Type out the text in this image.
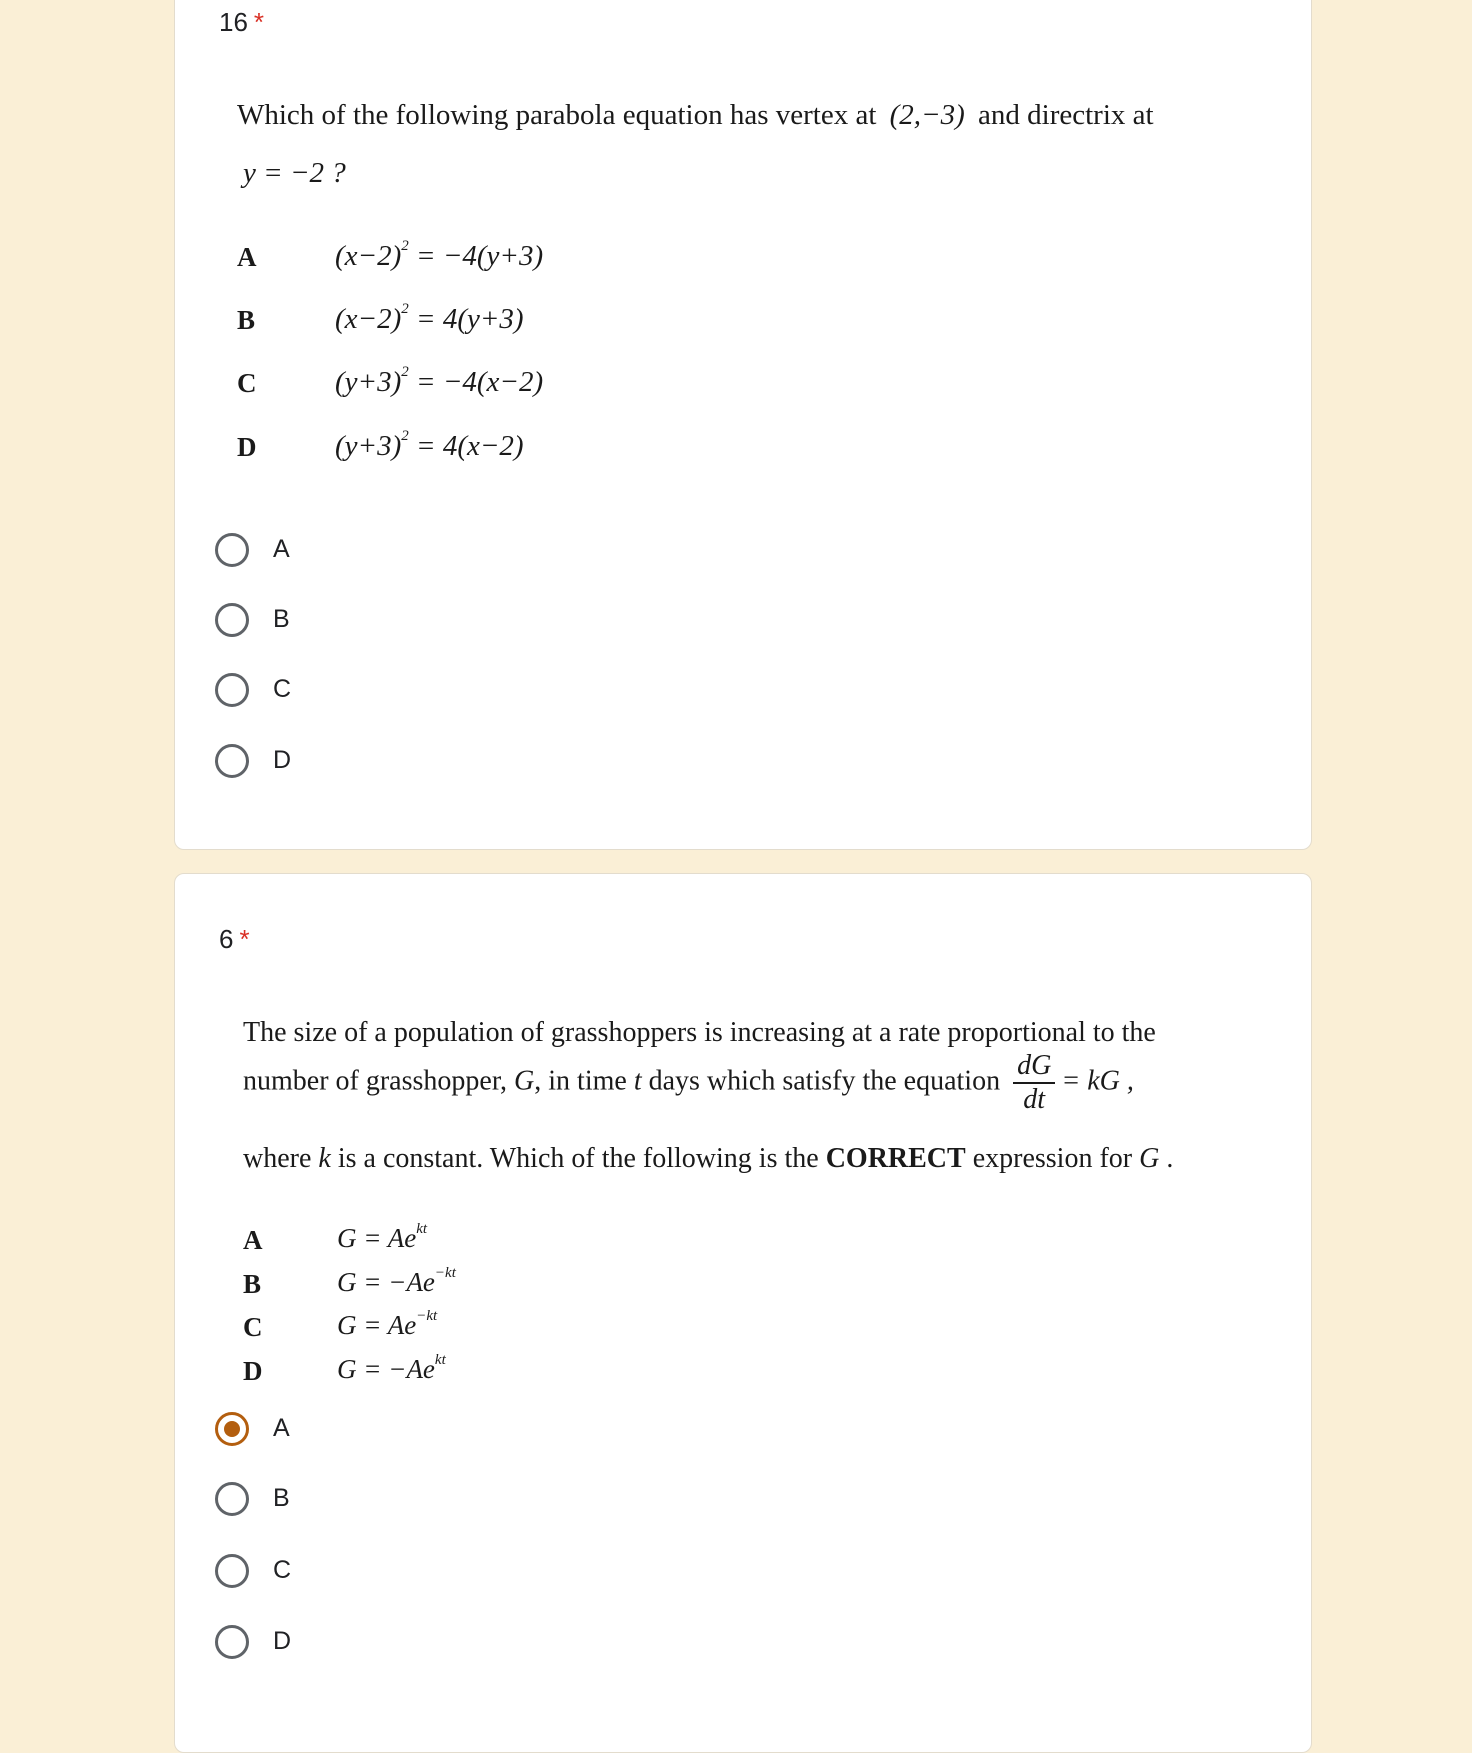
16 *
Which of the following parabola equation has vertex at (2,−3) and directrix at
y = −2 ?
A	$(x-2)^2 = -4(y+3)$
B	$(x-2)^2 = 4(y+3)$
C	$(y+3)^2 = -4(x-2)$
D	$(y+3)^2 = 4(x-2)$
A
B
C
D
6 *
The size of a population of grasshoppers is increasing at a rate proportional to the
number of grasshopper, G, in time t days which satisfy the equation $\frac{dG}{dt}$ = kG ,
where k is a constant. Which of the following is the CORRECT expression for G .
A	$G = Ae^{kt}$
B	$G = -Ae^{-kt}$
C	$G = Ae^{-kt}$
D	$G = -Ae^{kt}$
A
B
C
D
